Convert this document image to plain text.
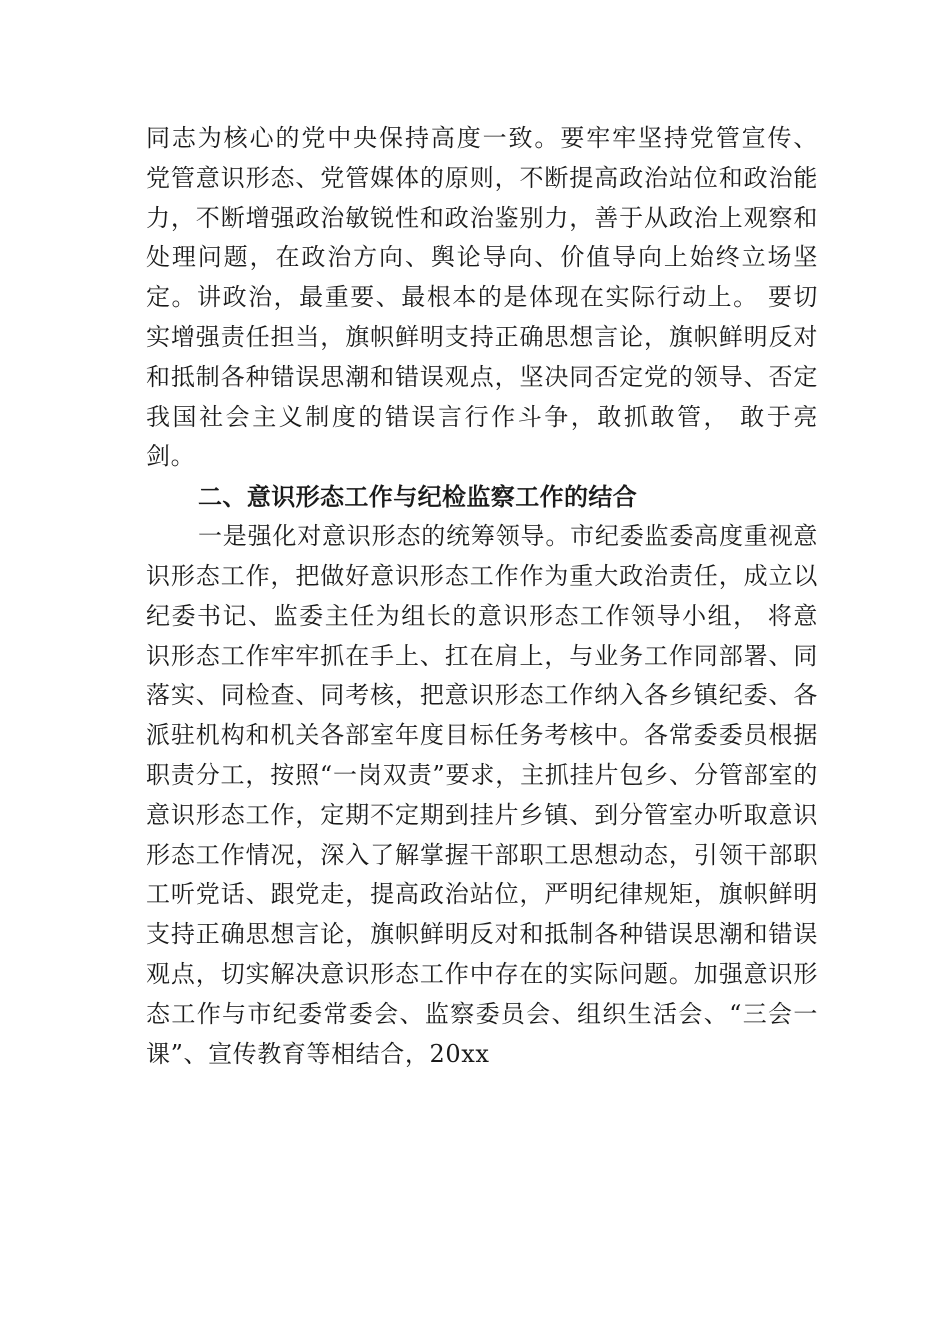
同志为核心的党中央保持高度一致。要牢牢坚持党管宣传、 党管意识形态、党管媒体的原则，不断提高政治站位和政治能力，不断增强政治敏锐性和政治鉴别力，善于从政治上观察和处理问题，在政治方向、舆论导向、价值导向上始终立场坚定。讲政治，最重要、最根本的是体现在实际行动上。 要切实增强责任担当，旗帜鲜明支持正确思想言论，旗帜鲜明反对和抵制各种错误思潮和错误观点，坚决同否定党的领导、否定我国社会主义制度的错误言行作斗争，敢抓敢管， 敢于亮剑。

二、意识形态工作与纪检监察工作的结合

一是强化对意识形态的统筹领导。市纪委监委高度重视意识形态工作，把做好意识形态工作作为重大政治责任，成立以纪委书记、监委主任为组长的意识形态工作领导小组， 将意识形态工作牢牢抓在手上、扛在肩上，与业务工作同部署、同落实、同检查、同考核，把意识形态工作纳入各乡镇纪委、各派驻机构和机关各部室年度目标任务考核中。各常委委员根据职责分工，按照“一岗双责”要求，主抓挂片包乡、分管部室的意识形态工作，定期不定期到挂片乡镇、到分管室办听取意识形态工作情况，深入了解掌握干部职工思想动态，引领干部职工听党话、跟党走，提高政治站位，严明纪律规矩，旗帜鲜明支持正确思想言论，旗帜鲜明反对和抵制各种错误思潮和错误观点，切实解决意识形态工作中存在的实际问题。加强意识形态工作与市纪委常委会、监察委员会、组织生活会、“三会一课”、宣传教育等相结合，20xx
